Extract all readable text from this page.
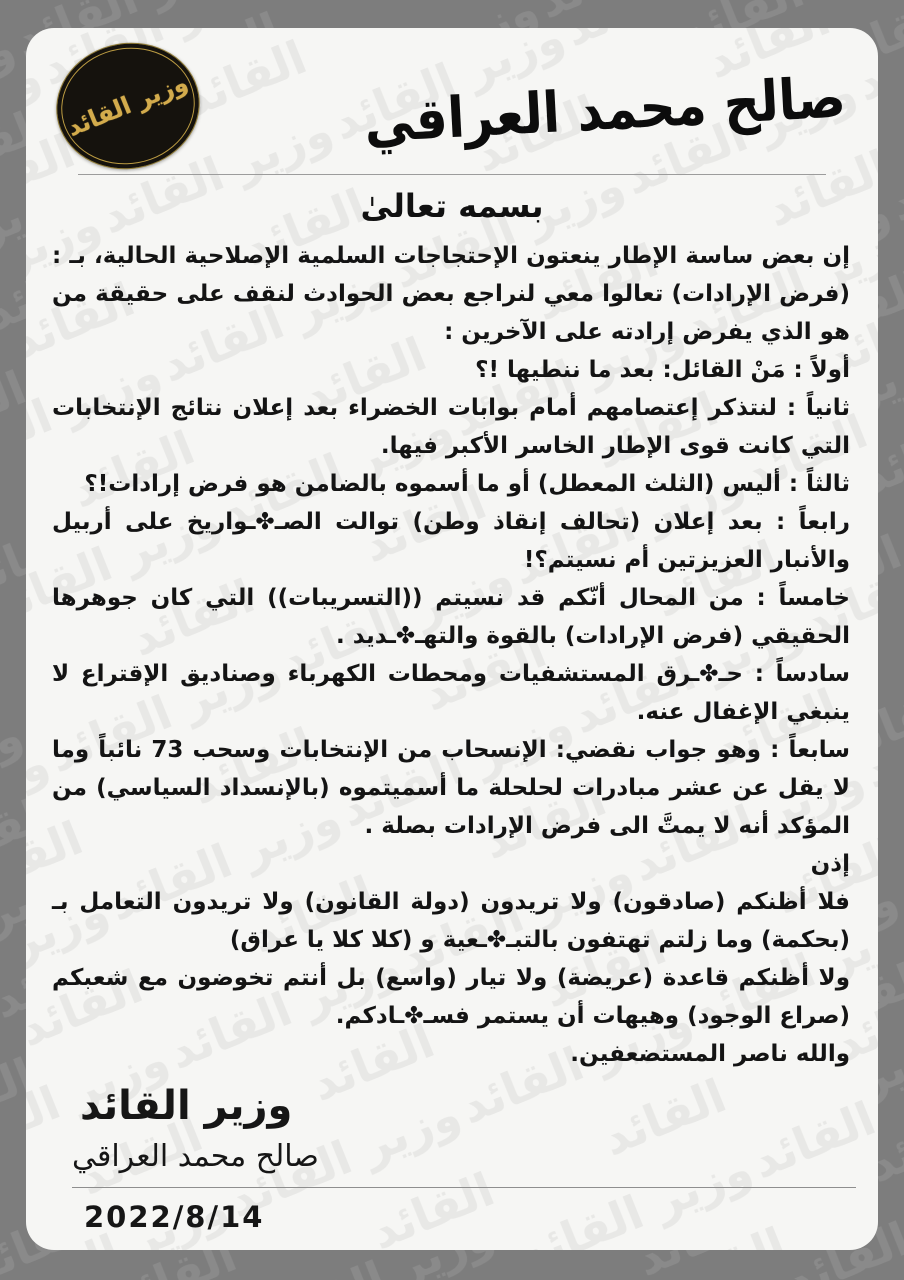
وزير القائد	صالح محمد العراقي
بسمه تعالىٰ

إن بعض ساسة الإطار ينعتون الإحتجاجات السلمية الإصلاحية الحالية، بـ : (فرض الإرادات) تعالوا معي لنراجع بعض الحوادث لنقف على حقيقة من هو الذي يفرض إرادته على الآخرين :

أولاً : مَنْ القائل: بعد ما ننطيها !؟

ثانياً : لنتذكر إعتصامهم أمام بوابات الخضراء بعد إعلان نتائج الإنتخابات التي كانت قوى الإطار الخاسر الأكبر فيها.

ثالثاً : أليس (الثلث المعطل) أو ما أسموه بالضامن هو فرض إرادات!؟

رابعاً : بعد إعلان (تحالف إنقاذ وطن) توالت الصـ✤ـواريخ على أربيل والأنبار العزيزتين أم نسيتم؟!

خامساً : من المحال أنّكم قد نسيتم ((التسريبات)) التي كان جوهرها الحقيقي (فرض الإرادات) بالقوة والتهـ✤ـديد .

سادساً : حـ✤ـرق المستشفيات ومحطات الكهرباء وصناديق الإقتراع لا ينبغي الإغفال عنه.

سابعاً : وهو جواب نقضي: الإنسحاب من الإنتخابات وسحب 73 نائباً وما لا يقل عن عشر مبادرات لحلحلة ما أسميتموه (بالإنسداد السياسي) من المؤكد أنه لا يمتَّ الى فرض الإرادات بصلة .

إذن

فلا أظنكم (صادقون) ولا تريدون (دولة القانون) ولا تريدون التعامل بـ (بحكمة) وما زلتم تهتفون بالتبـ✤ـعية و (كلا كلا يا عراق)

ولا أظنكم قاعدة (عريضة) ولا تيار (واسع) بل أنتم تخوضون مع شعبكم (صراع الوجود) وهيهات أن يستمر فسـ✤ـادكم.

والله ناصر المستضعفين.

وزير القائد
صالح محمد العراقي
2022/8/14
